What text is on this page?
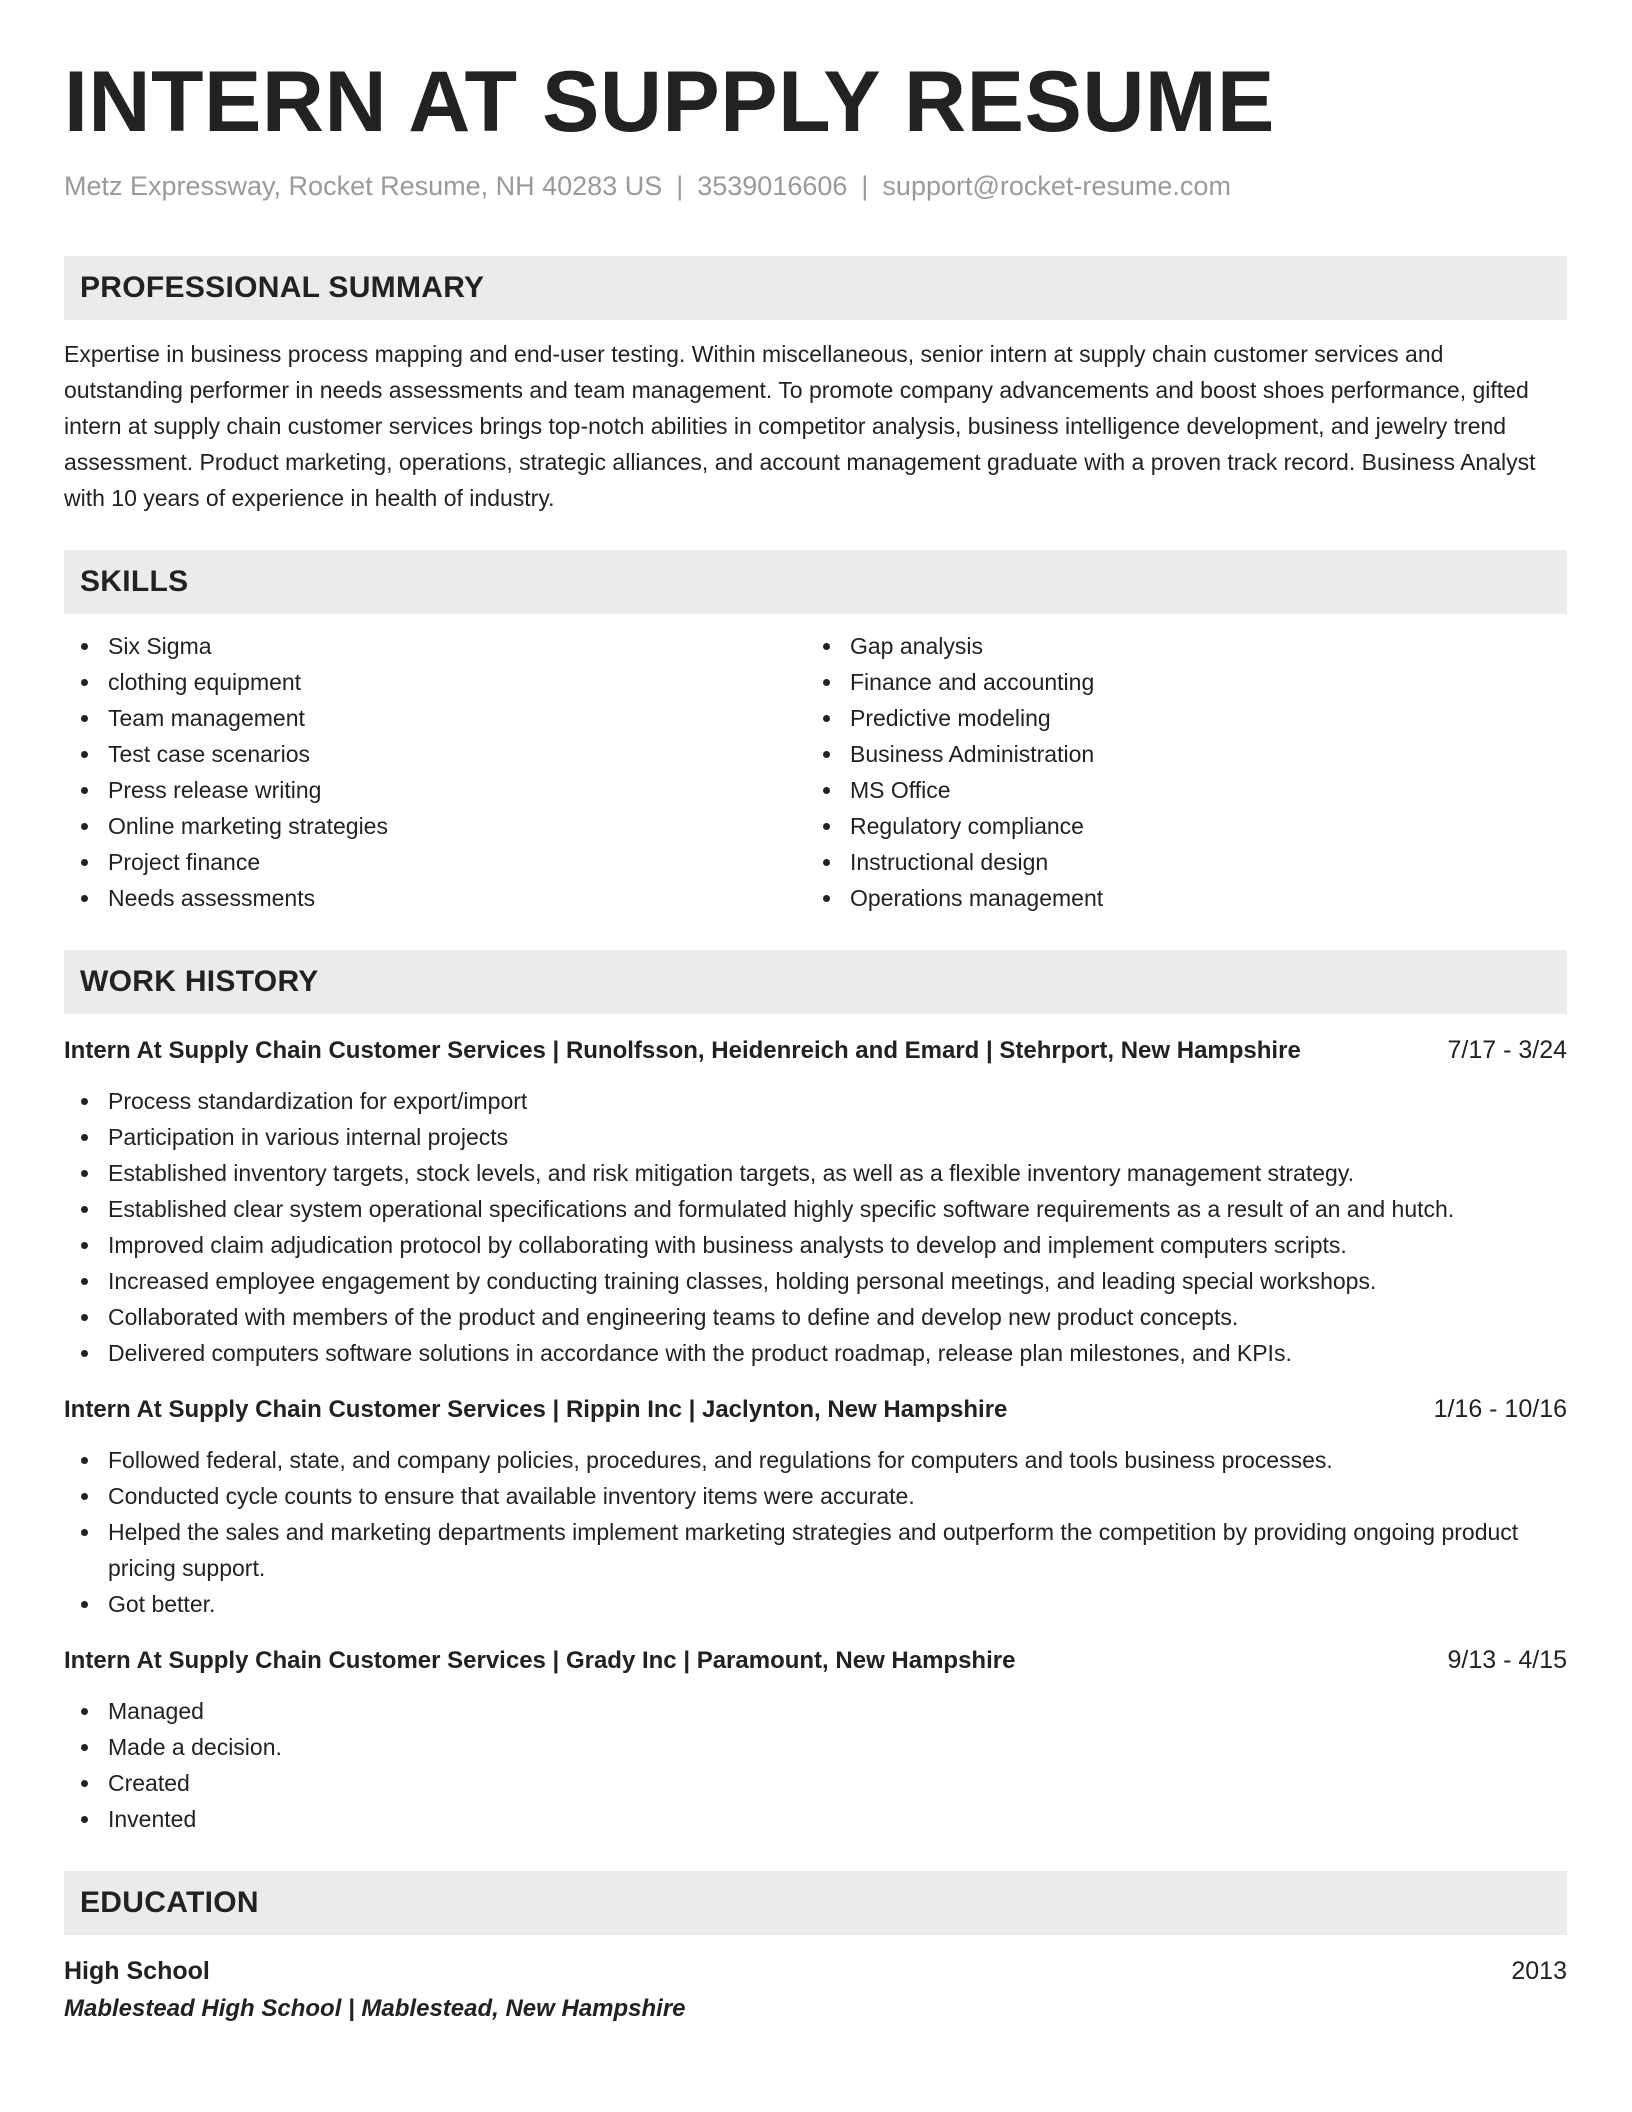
INTERN AT SUPPLY RESUME
Metz Expressway, Rocket Resume, NH 40283 US | 3539016606 | support@rocket-resume.com
PROFESSIONAL SUMMARY
Expertise in business process mapping and end-user testing. Within miscellaneous, senior intern at supply chain customer services and outstanding performer in needs assessments and team management. To promote company advancements and boost shoes performance, gifted intern at supply chain customer services brings top-notch abilities in competitor analysis, business intelligence development, and jewelry trend assessment. Product marketing, operations, strategic alliances, and account management graduate with a proven track record. Business Analyst with 10 years of experience in health of industry.
SKILLS
Six Sigma
clothing equipment
Team management
Test case scenarios
Press release writing
Online marketing strategies
Project finance
Needs assessments
Gap analysis
Finance and accounting
Predictive modeling
Business Administration
MS Office
Regulatory compliance
Instructional design
Operations management
WORK HISTORY
Intern At Supply Chain Customer Services | Runolfsson, Heidenreich and Emard | Stehrport, New Hampshire	7/17 - 3/24
Process standardization for export/import
Participation in various internal projects
Established inventory targets, stock levels, and risk mitigation targets, as well as a flexible inventory management strategy.
Established clear system operational specifications and formulated highly specific software requirements as a result of an and hutch.
Improved claim adjudication protocol by collaborating with business analysts to develop and implement computers scripts.
Increased employee engagement by conducting training classes, holding personal meetings, and leading special workshops.
Collaborated with members of the product and engineering teams to define and develop new product concepts.
Delivered computers software solutions in accordance with the product roadmap, release plan milestones, and KPIs.
Intern At Supply Chain Customer Services | Rippin Inc | Jaclynton, New Hampshire	1/16 - 10/16
Followed federal, state, and company policies, procedures, and regulations for computers and tools business processes.
Conducted cycle counts to ensure that available inventory items were accurate.
Helped the sales and marketing departments implement marketing strategies and outperform the competition by providing ongoing product pricing support.
Got better.
Intern At Supply Chain Customer Services | Grady Inc | Paramount, New Hampshire	9/13 - 4/15
Managed
Made a decision.
Created
Invented
EDUCATION
High School	2013
Mablestead High School | Mablestead, New Hampshire
